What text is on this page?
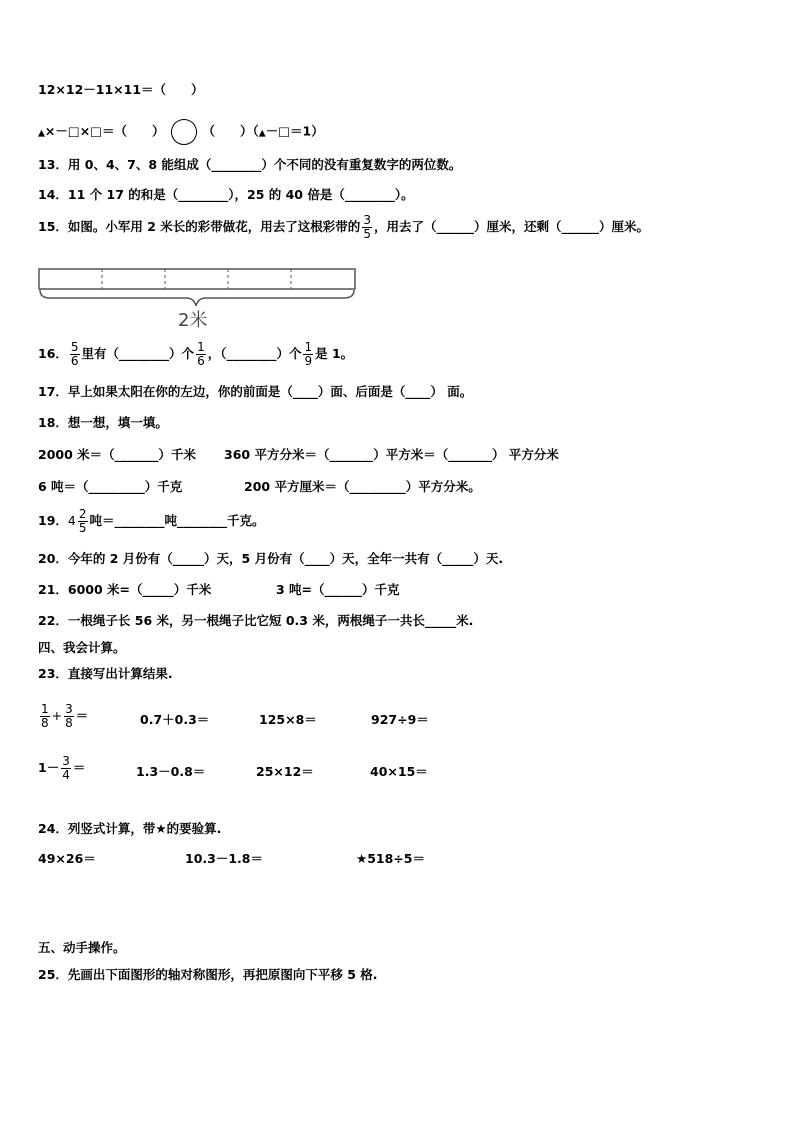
12×12－11×11＝（　　）
▲×－□×□＝（　　）	（　　）（▲－□＝1）
13．用 0、4、7、8 能组成（________）个不同的没有重复数字的两位数。
14．11 个 17 的和是（________），25 的 40 倍是（________）。
15．如图。小军用 2 米长的彩带做花，用去了这根彩带的 $\frac{3}{5}$ ，用去了（______）厘米，还剩（______）厘米。
2米
16． $\frac{5}{6}$ 里有（________）个 $\frac{1}{6}$ ，（________）个 $\frac{1}{9}$ 是 1。
17．早上如果太阳在你的左边，你的前面是（____）面、后面是（____） 面。
18．想一想，填一填。
2000 米＝（_______）千米 360 平方分米＝（_______）平方米＝（_______） 平方分米
6 吨＝（_________）千克	200 平方厘米＝（_________）平方分米。
19．$4 \frac{2}{5}$ 吨＝________吨________千克。
20．今年的 2 月份有（_____）天，5 月份有（____）天，全年一共有（_____）天.
21．6000 米=（_____）千米	3 吨=（______）千克
22．一根绳子长 56 米，另一根绳子比它短 0.3 米，两根绳子一共长_____米.
四、我会计算。
23．直接写出计算结果.
$\frac{1}{8} + \frac{3}{8}$ ＝	0.7＋0.3＝	125×8＝	927÷9＝
$1- \frac{3}{4}$ ＝	1.3－0.8＝	25×12＝	40×15＝
24．列竖式计算，带★的要验算.
49×26＝	10.3－1.8＝	★518÷5＝
五、动手操作。
25．先画出下面图形的轴对称图形，再把原图向下平移 5 格.
